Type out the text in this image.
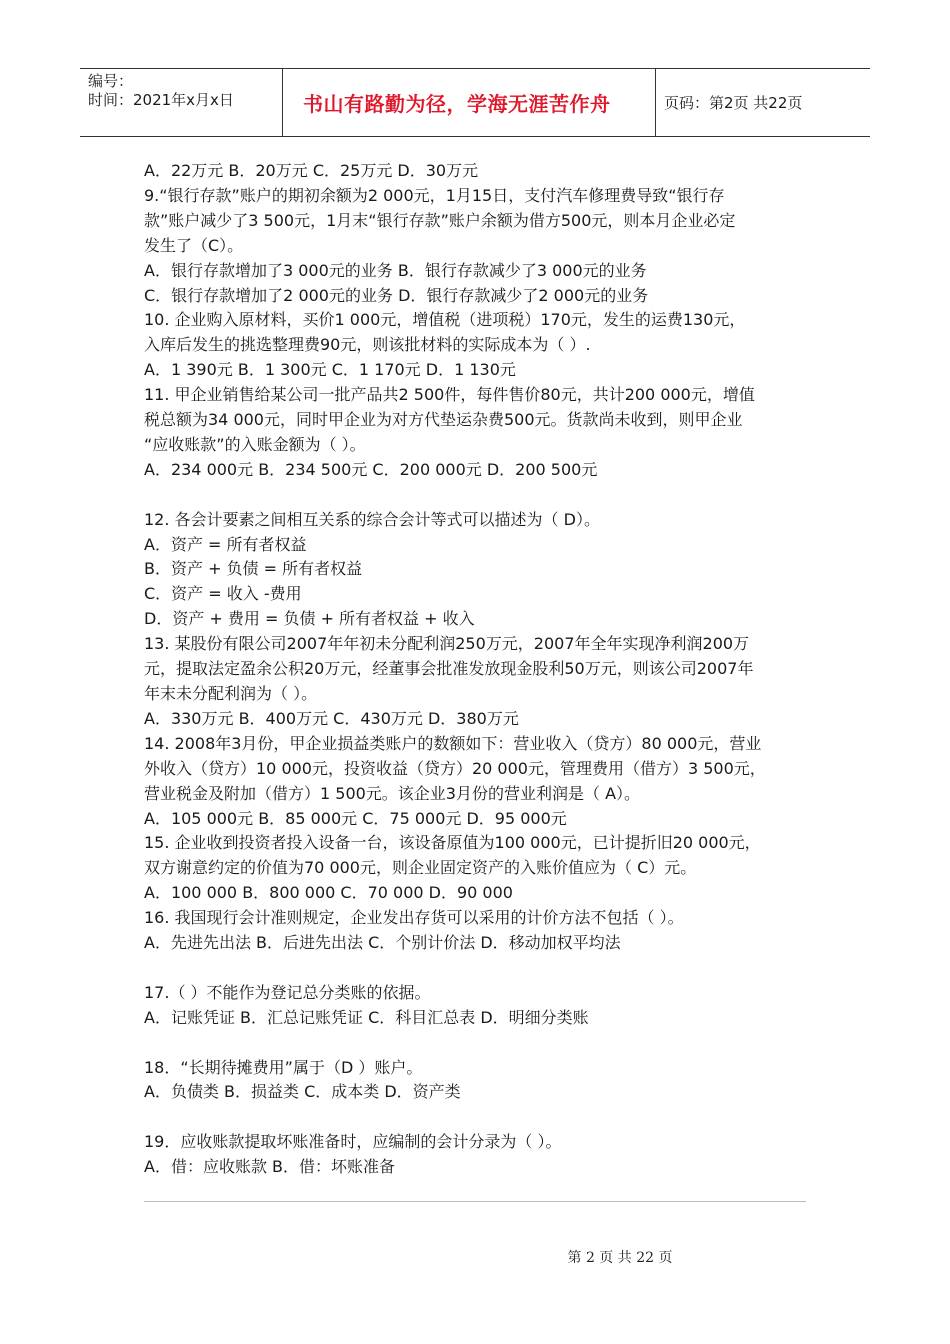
编号：
时间：2021年x月x日	书山有路勤为径，学海无涯苦作舟	页码：第2页 共22页

A．22万元 B．20万元 C．25万元 D．30万元

9.“银行存款”账户的期初余额为2 000元，1月15日，支付汽车修理费导致“银行存

款”账户减少了3 500元，1月末“银行存款”账户余额为借方500元，则本月企业必定

发生了（C）。

A．银行存款增加了3 000元的业务 B．银行存款减少了3 000元的业务

C．银行存款增加了2 000元的业务 D．银行存款减少了2 000元的业务

10. 企业购入原材料，买价1 000元，增值税（进项税）170元，发生的运费130元，

入库后发生的挑选整理费90元，则该批材料的实际成本为（ ）.

A．1 390元 B．1 300元 C．1 170元 D．1 130元

11. 甲企业销售给某公司一批产品共2 500件，每件售价80元，共计200 000元，增值

税总额为34 000元，同时甲企业为对方代垫运杂费500元。货款尚未收到，则甲企业

“应收账款”的入账金额为（ ）。

A．234 000元 B．234 500元 C．200 000元 D．200 500元

12. 各会计要素之间相互关系的综合会计等式可以描述为（ D）。

A．资产 = 所有者权益

B．资产 + 负债 = 所有者权益

C．资产 = 收入 -费用

D．资产 + 费用 = 负债 + 所有者权益 + 收入

13. 某股份有限公司2007年年初未分配利润250万元，2007年全年实现净利润200万

元，提取法定盈余公积20万元，经董事会批准发放现金股利50万元，则该公司2007年

年末未分配利润为（ ）。

A．330万元 B．400万元 C．430万元 D．380万元

14. 2008年3月份，甲企业损益类账户的数额如下：营业收入（贷方）80 000元，营业

外收入（贷方）10 000元，投资收益（贷方）20 000元，管理费用（借方）3 500元，

营业税金及附加（借方）1 500元。该企业3月份的营业利润是（ A）。

A．105 000元 B．85 000元 C．75 000元 D．95 000元

15. 企业收到投资者投入设备一台，该设备原值为100 000元，已计提折旧20 000元，

双方谢意约定的价值为70 000元，则企业固定资产的入账价值应为（ C）元。

A．100 000 B．800 000 C．70 000 D．90 000

16. 我国现行会计准则规定，企业发出存货可以采用的计价方法不包括（ ）。

A．先进先出法 B．后进先出法 C．个别计价法 D．移动加权平均法

17.（ ）不能作为登记总分类账的依据。

A．记账凭证 B．汇总记账凭证 C．科目汇总表 D．明细分类账

18．“长期待摊费用”属于（D ）账户。

A．负债类 B．损益类 C．成本类 D．资产类

19．应收账款提取坏账准备时，应编制的会计分录为（ ）。

A．借：应收账款 B．借：坏账准备

第 2 页 共 22 页
